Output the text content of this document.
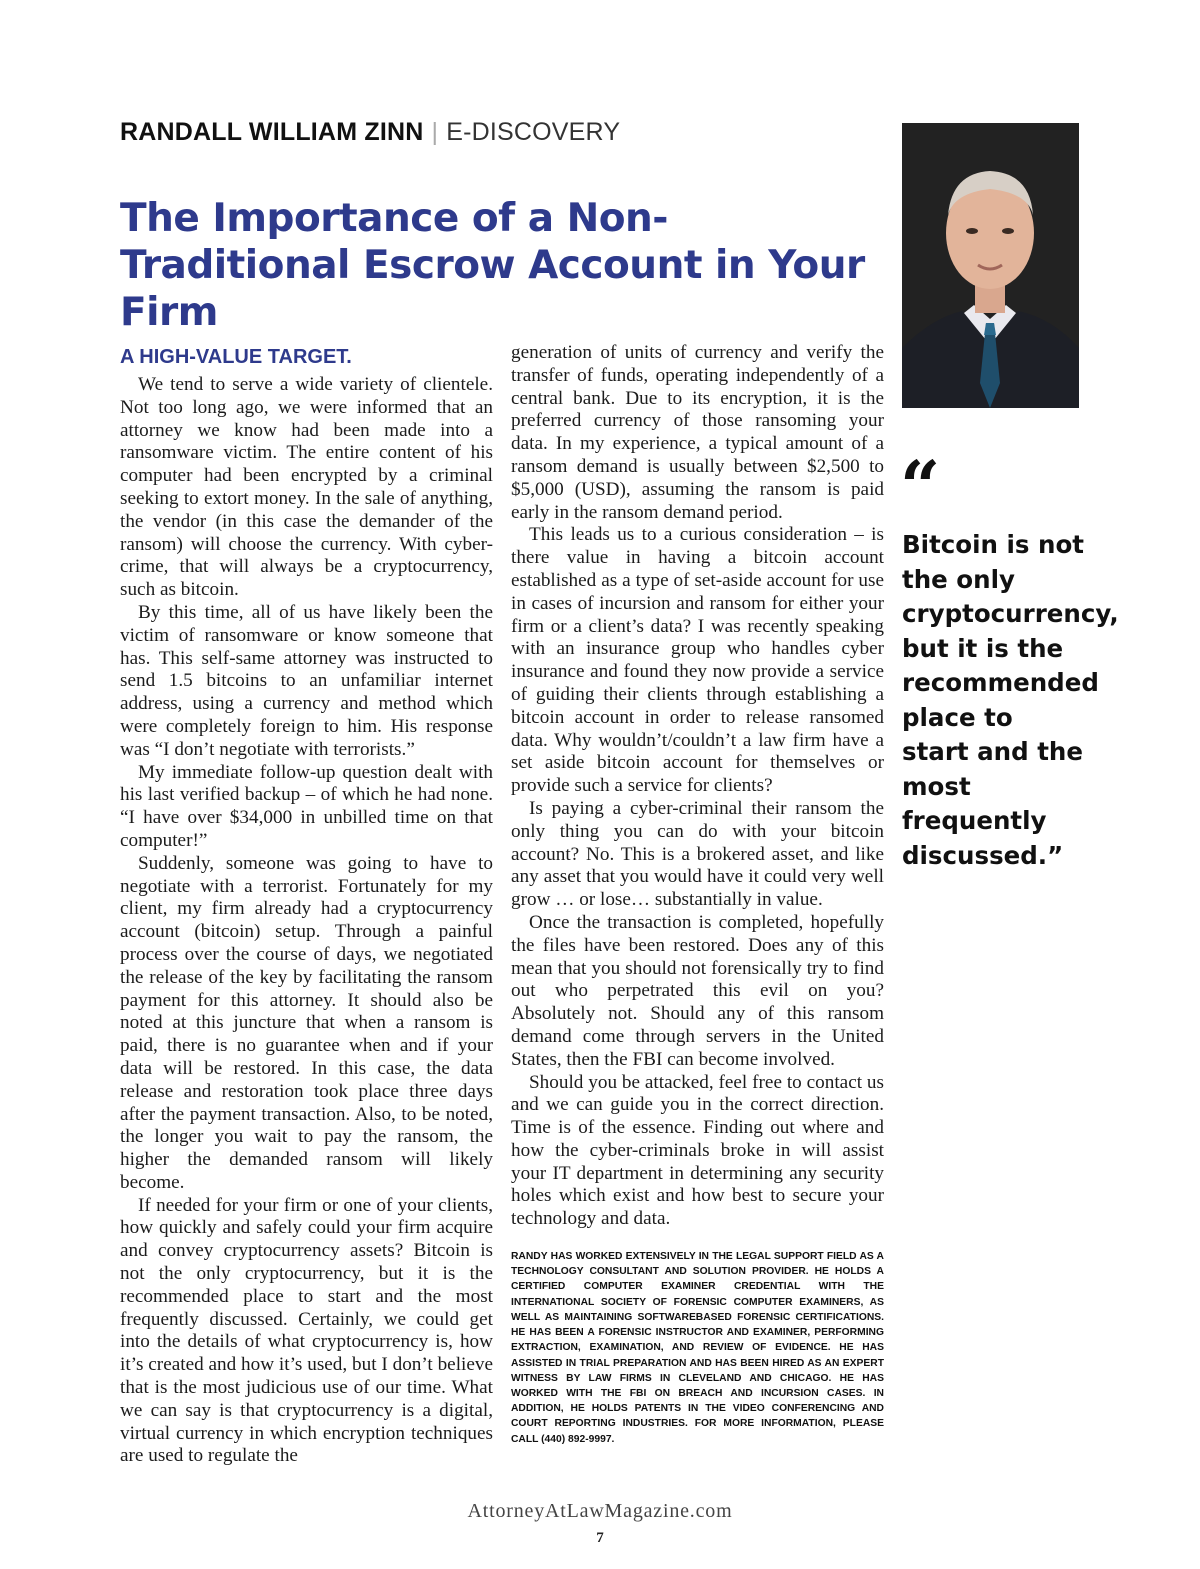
RANDALL WILLIAM ZINN | E-DISCOVERY
The Importance of a Non-Traditional Escrow Account in Your Firm
A HIGH-VALUE TARGET.

We tend to serve a wide variety of clientele. Not too long ago, we were informed that an attorney we know had been made into a ransomware victim. The entire content of his computer had been encrypted by a criminal seeking to extort money. In the sale of anything, the vendor (in this case the demander of the ransom) will choose the currency. With cyber-crime, that will always be a cryptocurrency, such as bitcoin.

By this time, all of us have likely been the victim of ransomware or know someone that has. This self-same attorney was instructed to send 1.5 bitcoins to an unfamiliar internet address, using a currency and method which were completely foreign to him. His response was “I don’t negotiate with terrorists.”

My immediate follow-up question dealt with his last verified backup – of which he had none. “I have over $34,000 in unbilled time on that computer!”

Suddenly, someone was going to have to negotiate with a terrorist. Fortunately for my client, my firm already had a cryptocurrency account (bitcoin) setup. Through a painful process over the course of days, we negotiated the release of the key by facilitating the ransom payment for this attorney. It should also be noted at this juncture that when a ransom is paid, there is no guarantee when and if your data will be restored. In this case, the data release and restoration took place three days after the payment transaction. Also, to be noted, the longer you wait to pay the ransom, the higher the demanded ransom will likely become.

If needed for your firm or one of your clients, how quickly and safely could your firm acquire and convey cryptocurrency assets? Bitcoin is not the only cryptocurrency, but it is the recommended place to start and the most frequently discussed. Certainly, we could get into the details of what cryptocurrency is, how it’s created and how it’s used, but I don’t believe that is the most judicious use of our time. What we can say is that cryptocurrency is a digital, virtual currency in which encryption techniques are used to regulate the

generation of units of currency and verify the transfer of funds, operating independently of a central bank. Due to its encryption, it is the preferred currency of those ransoming your data. In my experience, a typical amount of a ransom demand is usually between $2,500 to $5,000 (USD), assuming the ransom is paid early in the ransom demand period.

This leads us to a curious consideration – is there value in having a bitcoin account established as a type of set-aside account for use in cases of incursion and ransom for either your firm or a client’s data? I was recently speaking with an insurance group who handles cyber insurance and found they now provide a service of guiding their clients through establishing a bitcoin account in order to release ransomed data. Why wouldn’t/couldn’t a law firm have a set aside bitcoin account for themselves or provide such a service for clients?

Is paying a cyber-criminal their ransom the only thing you can do with your bitcoin account? No. This is a brokered asset, and like any asset that you would have it could very well grow … or lose… substantially in value.

Once the transaction is completed, hopefully the files have been restored. Does any of this mean that you should not forensically try to find out who perpetrated this evil on you? Absolutely not. Should any of this ransom demand come through servers in the United States, then the FBI can become involved.

Should you be attacked, feel free to contact us and we can guide you in the correct direction. Time is of the essence. Finding out where and how the cyber-criminals broke in will assist your IT department in determining any security holes which exist and how best to secure your technology and data.

RANDY HAS WORKED EXTENSIVELY IN THE LEGAL SUPPORT FIELD AS A TECHNOLOGY CONSULTANT AND SOLUTION PROVIDER. HE HOLDS A CERTIFIED COMPUTER EXAMINER CREDENTIAL WITH THE INTERNATIONAL SOCIETY OF FORENSIC COMPUTER EXAMINERS, AS WELL AS MAINTAINING SOFTWAREBASED FORENSIC CERTIFICATIONS. HE HAS BEEN A FORENSIC INSTRUCTOR AND EXAMINER, PERFORMING EXTRACTION, EXAMINATION, AND REVIEW OF EVIDENCE. HE HAS ASSISTED IN TRIAL PREPARATION AND HAS BEEN HIRED AS AN EXPERT WITNESS BY LAW FIRMS IN CLEVELAND AND CHICAGO. HE HAS WORKED WITH THE FBI ON BREACH AND INCURSION CASES. IN ADDITION, HE HOLDS PATENTS IN THE VIDEO CONFERENCING AND COURT REPORTING INDUSTRIES. FOR MORE INFORMATION, PLEASE CALL (440) 892-9997.
“
Bitcoin is not the only cryptocurrency, but it is the recommended place to start and the most frequently discussed.”
AttorneyAtLawMagazine.com
7
